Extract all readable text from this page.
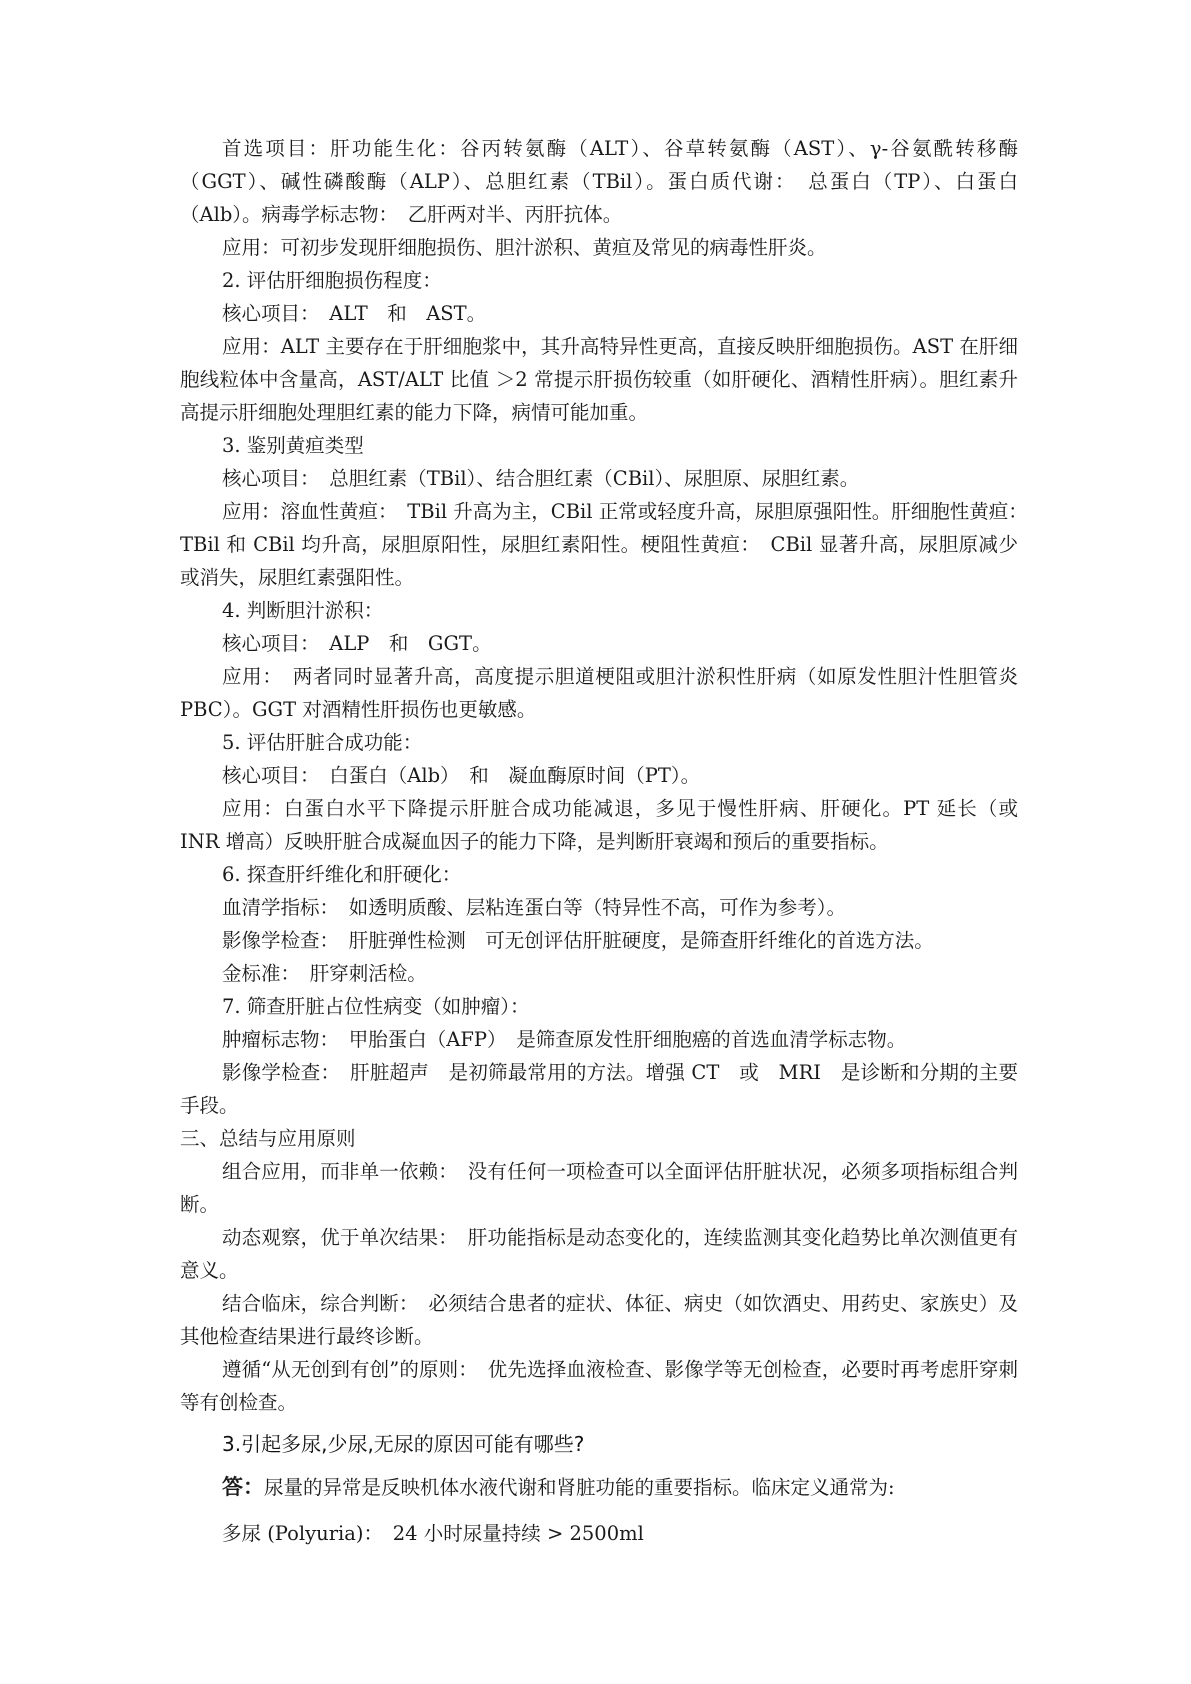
首选项目：肝功能生化：谷丙转氨酶（ALT）、谷草转氨酶（AST）、γ-谷氨酰转移酶（GGT）、碱性磷酸酶（ALP）、总胆红素（TBil）。蛋白质代谢：　总蛋白（TP）、白蛋白（Alb）。病毒学标志物：　乙肝两对半、丙肝抗体。

应用：可初步发现肝细胞损伤、胆汁淤积、黄疸及常见的病毒性肝炎。

2. 评估肝细胞损伤程度：

核心项目：　ALT　和　AST。

应用：ALT 主要存在于肝细胞浆中，其升高特异性更高，直接反映肝细胞损伤。AST 在肝细胞线粒体中含量高，AST/ALT 比值 ＞2 常提示肝损伤较重（如肝硬化、酒精性肝病）。胆红素升高提示肝细胞处理胆红素的能力下降，病情可能加重。

3. 鉴别黄疸类型

核心项目：　总胆红素（TBil）、结合胆红素（CBil）、尿胆原、尿胆红素。

应用：溶血性黄疸：　TBil 升高为主，CBil 正常或轻度升高，尿胆原强阳性。肝细胞性黄疸：　TBil 和 CBil 均升高，尿胆原阳性，尿胆红素阳性。梗阻性黄疸：　CBil 显著升高，尿胆原减少或消失，尿胆红素强阳性。

4. 判断胆汁淤积：

核心项目：　ALP　和　GGT。

应用：　两者同时显著升高，高度提示胆道梗阻或胆汁淤积性肝病（如原发性胆汁性胆管炎 PBC）。GGT 对酒精性肝损伤也更敏感。

5. 评估肝脏合成功能：

核心项目：　白蛋白（Alb）　和　凝血酶原时间（PT）。

应用：白蛋白水平下降提示肝脏合成功能减退，多见于慢性肝病、肝硬化。PT 延长（或 INR 增高）反映肝脏合成凝血因子的能力下降，是判断肝衰竭和预后的重要指标。

6. 探查肝纤维化和肝硬化：

血清学指标：　如透明质酸、层粘连蛋白等（特异性不高，可作为参考）。

影像学检查：　肝脏弹性检测　可无创评估肝脏硬度，是筛查肝纤维化的首选方法。

金标准：　肝穿刺活检。

7. 筛查肝脏占位性病变（如肿瘤）：

肿瘤标志物：　甲胎蛋白（AFP）　是筛查原发性肝细胞癌的首选血清学标志物。

影像学检查：　肝脏超声　是初筛最常用的方法。增强 CT　或　MRI　是诊断和分期的主要手段。

三、总结与应用原则

组合应用，而非单一依赖：　没有任何一项检查可以全面评估肝脏状况，必须多项指标组合判断。

动态观察，优于单次结果：　肝功能指标是动态变化的，连续监测其变化趋势比单次测值更有意义。

结合临床，综合判断：　必须结合患者的症状、体征、病史（如饮酒史、用药史、家族史）及其他检查结果进行最终诊断。

遵循“从无创到有创”的原则：　优先选择血液检查、影像学等无创检查，必要时再考虑肝穿刺等有创检查。

3.引起多尿,少尿,无尿的原因可能有哪些?

答：尿量的异常是反映机体水液代谢和肾脏功能的重要指标。临床定义通常为:

多尿 (Polyuria)：　24 小时尿量持续 > 2500ml
